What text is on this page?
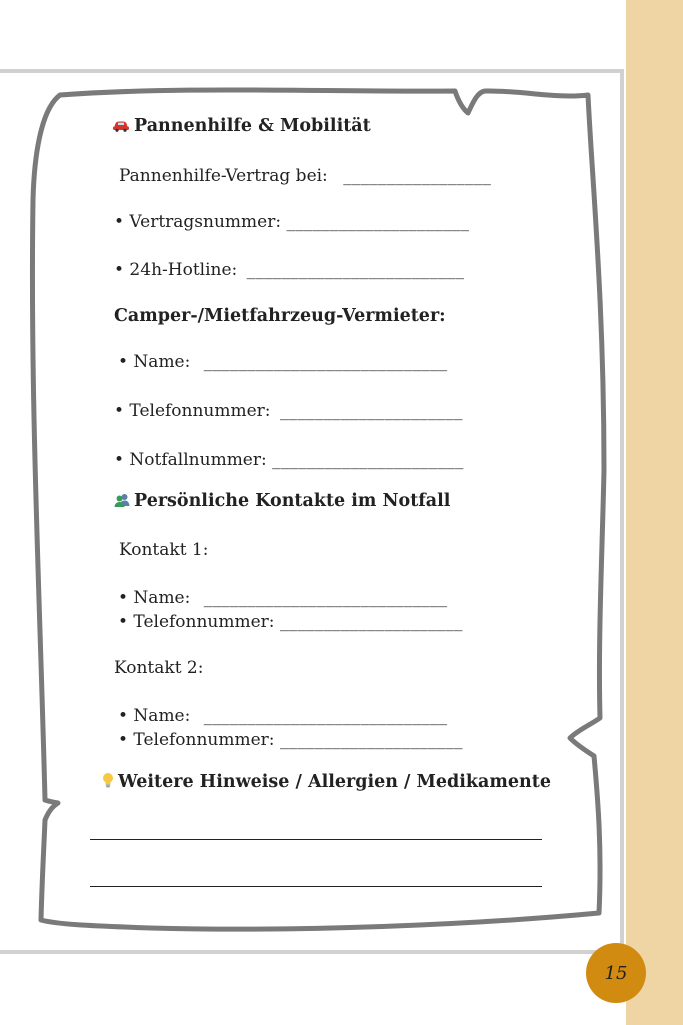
Pannenhilfe & Mobilität
Pannenhilfe-Vertrag bei: _________________
• Vertragsnummer: _____________________
• 24h-Hotline: _________________________
Camper-/Mietfahrzeug-Vermieter:
• Name: ____________________________
• Telefonnummer: _____________________
• Notfallnummer: ______________________
Persönliche Kontakte im Notfall
Kontakt 1:
• Name: ____________________________
• Telefonnummer: _____________________
Kontakt 2:
• Name: ____________________________
• Telefonnummer: _____________________
Weitere Hinweise / Allergien / Medikamente
15
